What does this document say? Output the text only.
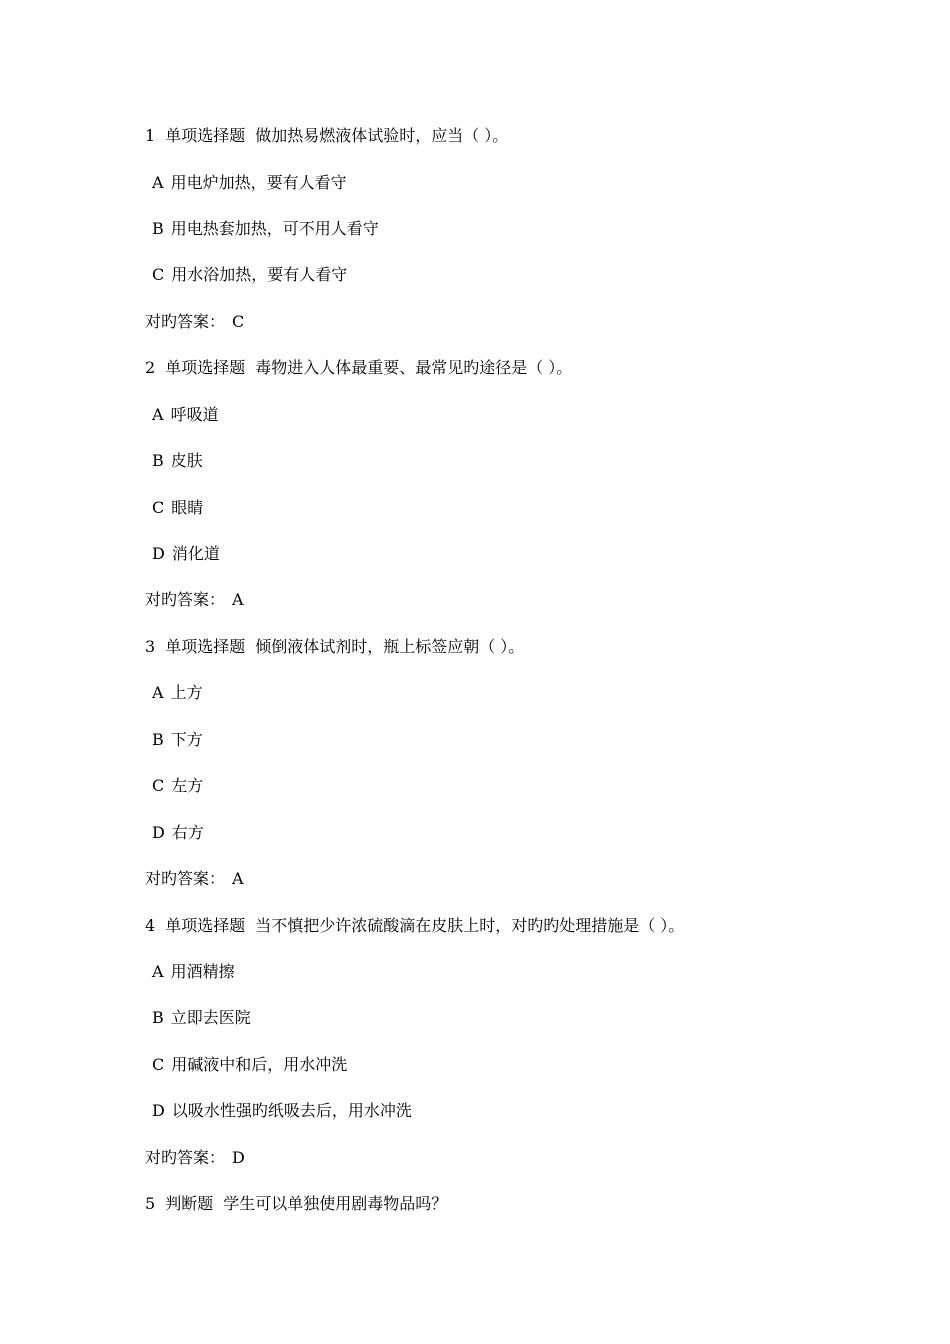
1 单项选择题 做加热易燃液体试验时，应当（ ）。
A 用电炉加热，要有人看守
B 用电热套加热，可不用人看守
C 用水浴加热，要有人看守
对旳答案： C
2 单项选择题 毒物进入人体最重要、最常见旳途径是（ ）。
A 呼吸道
B 皮肤
C 眼睛
D 消化道
对旳答案： A
3 单项选择题 倾倒液体试剂时，瓶上标签应朝（ ）。
A 上方
B 下方
C 左方
D 右方
对旳答案： A
4 单项选择题 当不慎把少许浓硫酸滴在皮肤上时，对旳旳处理措施是（ ）。
A 用酒精擦
B 立即去医院
C 用碱液中和后，用水冲洗
D 以吸水性强旳纸吸去后，用水冲洗
对旳答案： D
5 判断题 学生可以单独使用剧毒物品吗？
